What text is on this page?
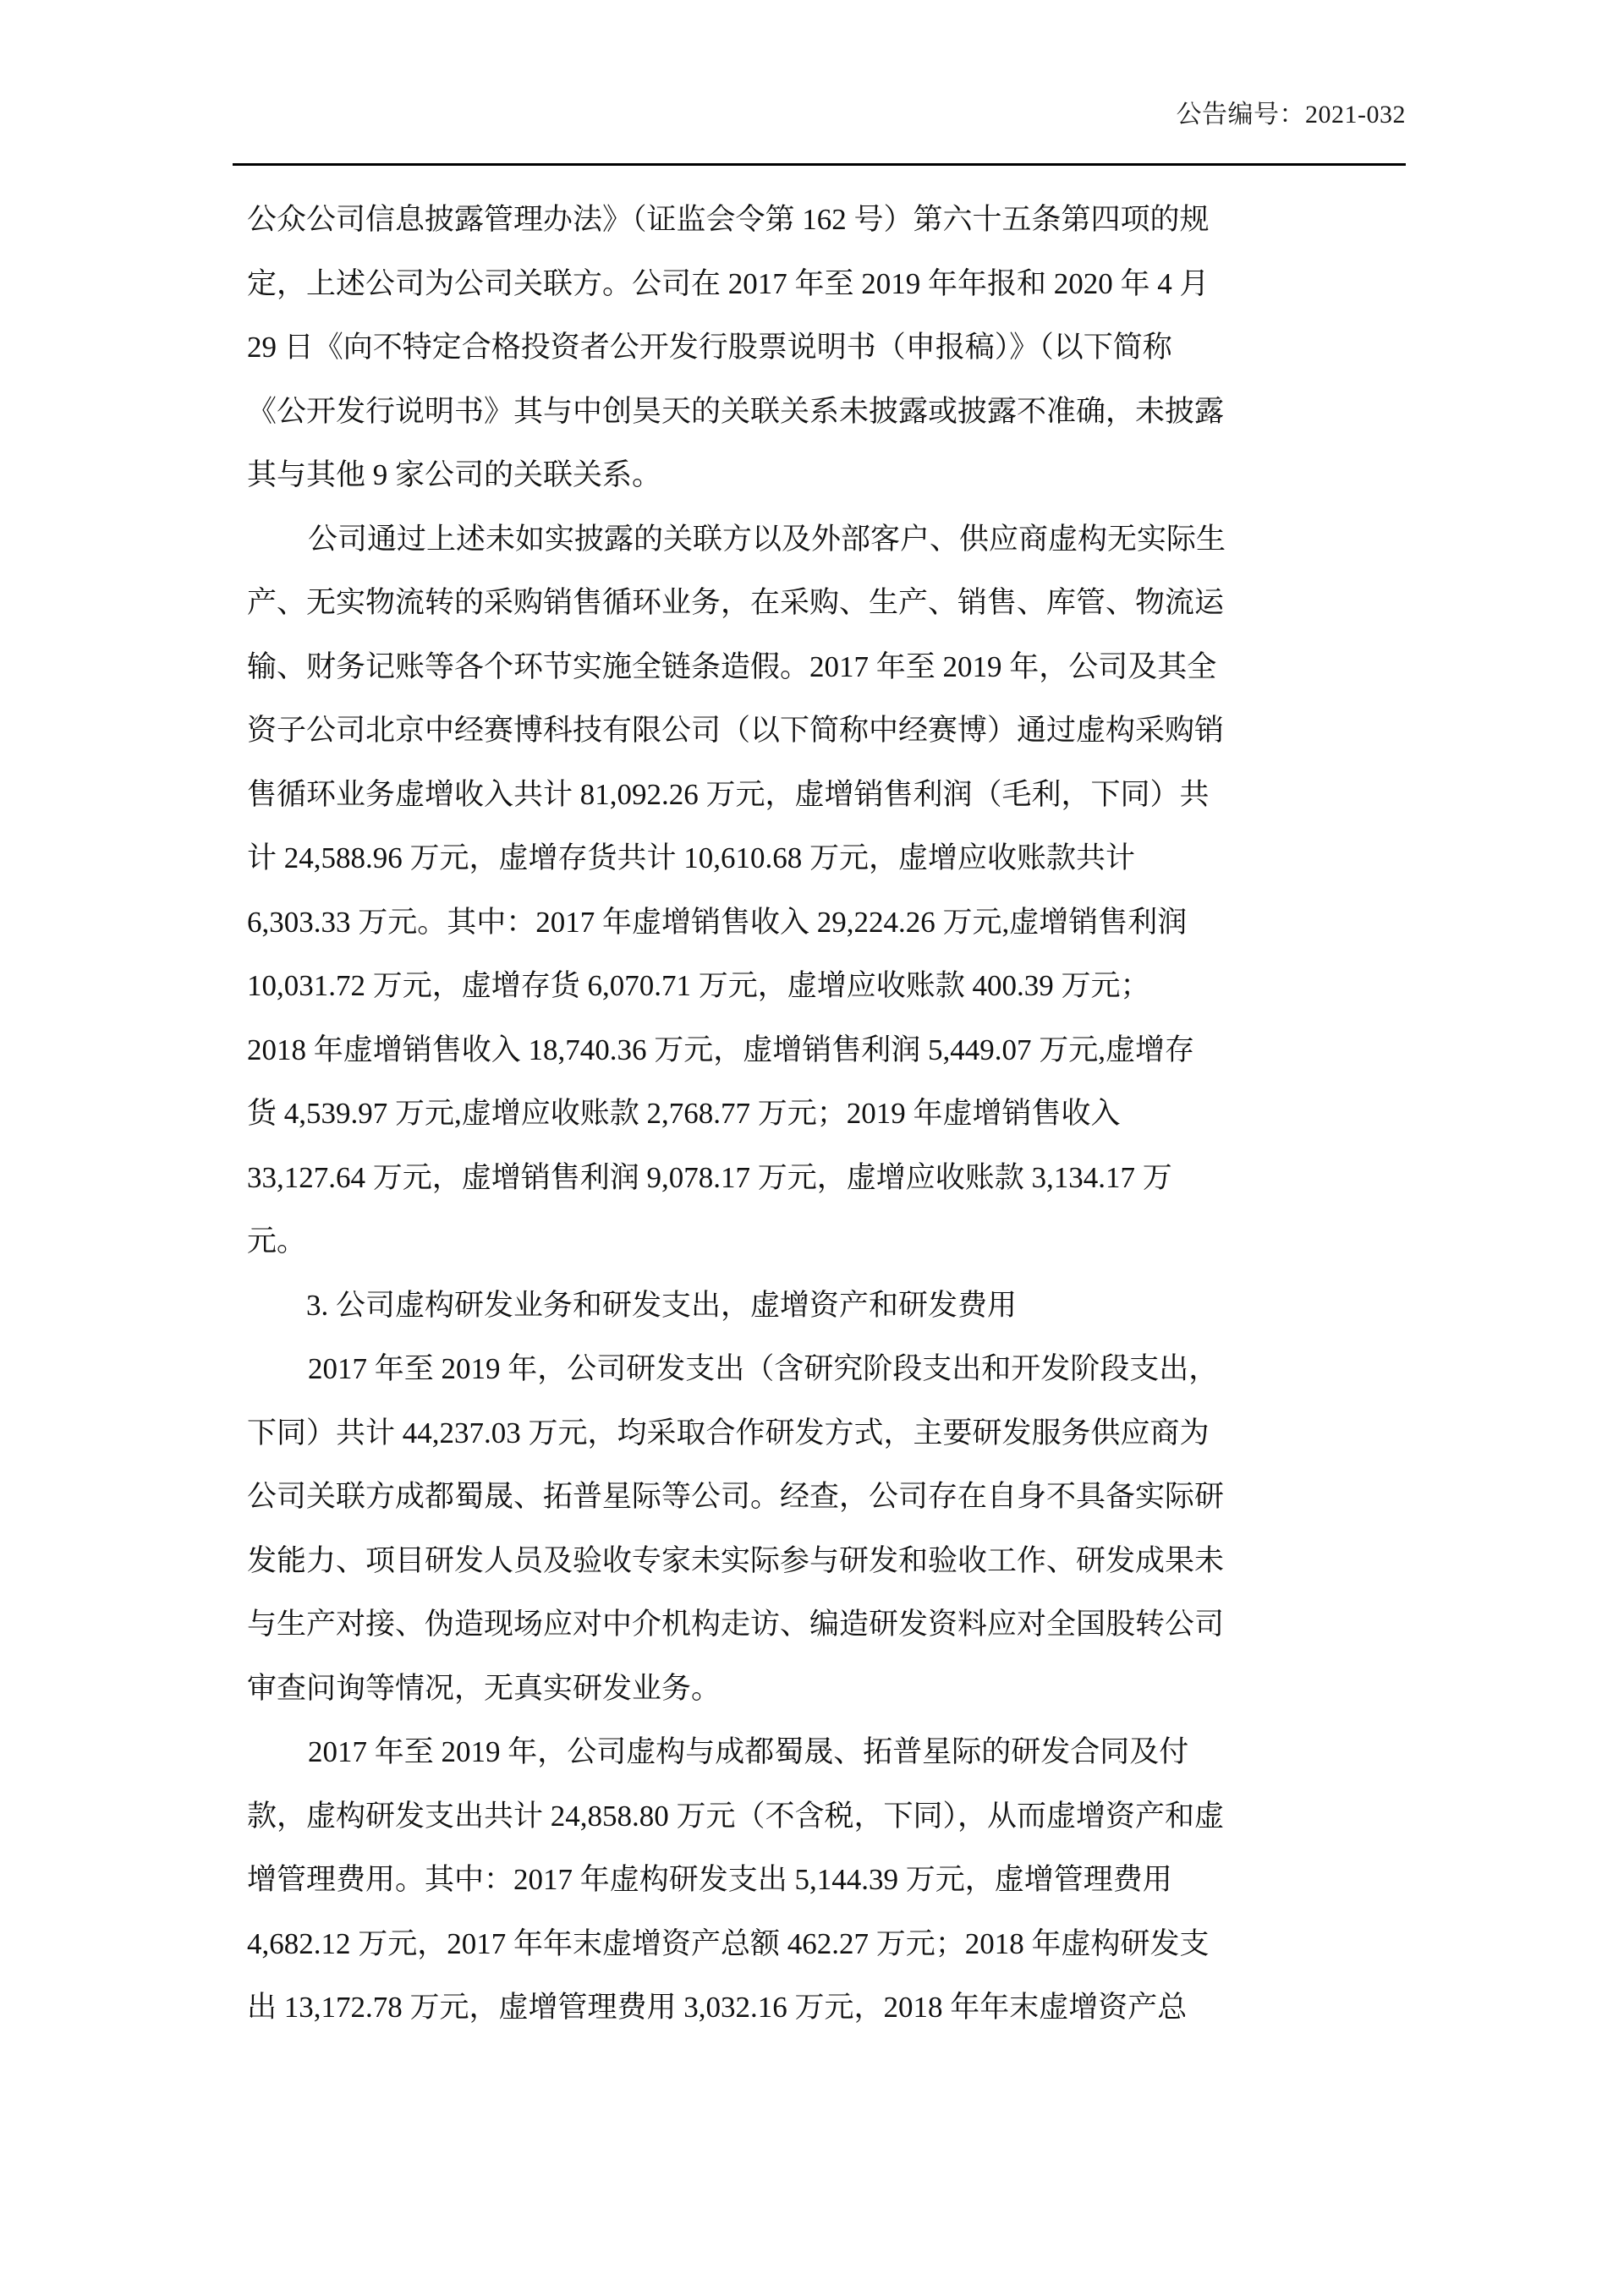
公告编号：2021-032
公众公司信息披露管理办法》（证监会令第 162 号）第六十五条第四项的规
定，上述公司为公司关联方。公司在 2017 年至 2019 年年报和 2020 年 4 月
29 日《向不特定合格投资者公开发行股票说明书（申报稿）》（以下简称
《公开发行说明书》其与中创昊天的关联关系未披露或披露不准确，未披露
其与其他 9 家公司的关联关系。
公司通过上述未如实披露的关联方以及外部客户、供应商虚构无实际生
产、无实物流转的采购销售循环业务，在采购、生产、销售、库管、物流运
输、财务记账等各个环节实施全链条造假。2017 年至 2019 年，公司及其全
资子公司北京中经赛博科技有限公司（以下简称中经赛博）通过虚构采购销
售循环业务虚增收入共计 81,092.26 万元，虚增销售利润（毛利，下同）共
计 24,588.96 万元，虚增存货共计 10,610.68 万元，虚增应收账款共计
6,303.33 万元。其中：2017 年虚增销售收入 29,224.26 万元,虚增销售利润
10,031.72 万元，虚增存货 6,070.71 万元，虚增应收账款 400.39 万元；
2018 年虚增销售收入 18,740.36 万元，虚增销售利润 5,449.07 万元,虚增存
货 4,539.97 万元,虚增应收账款 2,768.77 万元；2019 年虚增销售收入
33,127.64 万元，虚增销售利润 9,078.17 万元，虚增应收账款 3,134.17 万
元。
3. 公司虚构研发业务和研发支出，虚增资产和研发费用
2017 年至 2019 年，公司研发支出（含研究阶段支出和开发阶段支出，
下同）共计 44,237.03 万元，均采取合作研发方式，主要研发服务供应商为
公司关联方成都蜀晟、拓普星际等公司。经查，公司存在自身不具备实际研
发能力、项目研发人员及验收专家未实际参与研发和验收工作、研发成果未
与生产对接、伪造现场应对中介机构走访、编造研发资料应对全国股转公司
审查问询等情况，无真实研发业务。
2017 年至 2019 年，公司虚构与成都蜀晟、拓普星际的研发合同及付
款，虚构研发支出共计 24,858.80 万元（不含税，下同），从而虚增资产和虚
增管理费用。其中：2017 年虚构研发支出 5,144.39 万元，虚增管理费用
4,682.12 万元，2017 年年末虚增资产总额 462.27 万元；2018 年虚构研发支
出 13,172.78 万元，虚增管理费用 3,032.16 万元，2018 年年末虚增资产总
